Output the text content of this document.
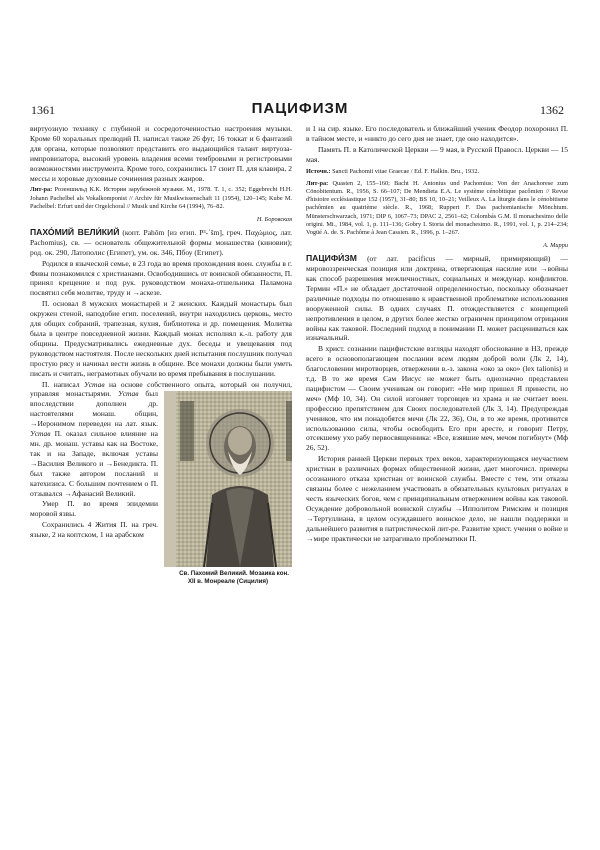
1361	ПАЦИФИЗМ	1362

виртуозную технику с глубиной и сосредоточенностью настроения музыки. Кроме 60 хоральных прелюдий П. написал также 26 фуг, 16 токкат и 6 фантазий для органа, которые позволяют представить его выдающийся талант виртуоза-импровизатора, высокий уровень владения всеми тембровыми и регистровыми возможностями инструмента. Кроме того, сохранились 17 сюит П. для клавира, 2 мессы и хоровые духовные сочинения разных жанров.

Лит-ра: Розеншильд К.К. История зарубежной музыки. М., 1978. Т. 1, с. 352; Eggebrecht H.H. Johann Pachelbel als Vokalkomponist // Archiv für Musikwissenschaft 11 (1954), 120–145; Kube M. Pachelbel: Erfurt und der Orgelchoral // Musik und Kirche 64 (1994), 76–82.

Н. Боровская

ПАХО́МИЙ ВЕЛИ́КИЙ (копт. Pahôm [из егип. P³-ʿšm], греч. Παχώμιος, лат. Pachomius), св. — основатель общежительной формы монашества (киновии); род. ок. 290, Латополис (Египет), ум. ок. 346, Пбоу (Египет).

Родился в языческой семье, в 23 года во время прохождения воен. службы в г. Фивы познакомился с христианами. Освободившись от воинской обязанности, П. принял крещение и под рук. руководством монаха-отшельника Паламона посвятил себя молитве, труду и →аскезе.

П. основал 8 мужских монастырей и 2 женских. Каждый монастырь был окружен стеной, наподобие егип. поселений, внутри находились церковь, место для общих собраний, трапезная, кухня, библиотека и др. помещения. Молитва была в центре повседневной жизни. Каждый монах исполнял к.-л. работу для общины. Предусматривались ежедневные дух. беседы и увещевания под руководством настоятеля. После нескольких дней испытания послушник получал простую рясу и начинал вести жизнь в общине. Все монахи должны были уметь писать и считать, неграмотных обучали во время пребывания в послушании.

П. написал Устав на основе собственного опыта, который он получил, управляя монастырями. Устав
Св. Пахомий Великий. Мозаика кон. XII в. Монреале (Сицилия)
был впоследствии дополнен др. настоятелями монаш. общин, →Иеронимом переведен на лат. язык. Устав П. оказал сильное влияние на мн. др. монаш. уставы как на Востоке, так и на Западе, включая уставы →Василия Великого и →Бенедикта. П. был также автором посланий и катехизиса. С большим почтением о П. отзывался →Афанасий Великий.

Умер П. во время эпидемии моровой язвы.

Сохранились 4 Жития П. на греч. языке, 2 на коптском, 1 на арабском

и 1 на сир. языке. Его последователь и ближайший ученик Феодор похоронил П. в тайном месте, и «никто до сего дня не знает, где оно находится».

Память П. в Католической Церкви — 9 мая, в Русской Правосл. Церкви — 15 мая.

Источн.: Sancti Pachomii vitae Graecae / Ed. F. Halkin. Bru., 1932.

Лит-ра: Quasten 2, 155–160; Bacht H. Antonius und Pachomius: Von der Anachorese zum Cönobitentum. R., 1956, S. 66–107; De Mendieta E.A. Le système cénobitique pacômien // Revue d'histoire ecclésiastique 152 (1957), 31–80; BS 10, 10–21; Veilleux A. La liturgie dans le cénobitisme pachômien au quatrième siècle. R., 1968; Ruppert F. Das pachomianische Mönchtum. Münsterschwarzach, 1971; DIP 6, 1067–73; DPAC 2, 2561–62; Colombás G.M. Il monachesimo delle origini. Mi., 1984, vol. 1, p. 111–136; Gobry I. Storia del monachesimo. R., 1991, vol. 1, p. 214–234; Vogüé A. de. S. Pachôme à Jean Cassien. R., 1996, p. 1–267.

А. Мирри

ПАЦИФИ́ЗМ (от лат. pacificus — мирный, примиряющий) — мировоззренческая позиция или доктрина, отвергающая насилие или →войны как способ разрешения межличностных, социальных и междунар. конфликтов. Термин «П.» не обладает достаточной определенностью, поскольку обозначает различные подходы по отношению к нравственной проблематике использования вооруженной силы. В одних случаях П. отождествляется с концепцией непротивления в целом, в других более жестко ограничен принципом отрицания войны как таковой. Последний подход в понимании П. может расцениваться как изначальный.

В христ. сознании пацифистские взгляды находят обоснование в НЗ, прежде всего в основополагающем послании всем людям доброй воли (Лк 2, 14), благословении миротворцев, отвержении в.-з. закона «око за око» (lex talionis) и т.д. В то же время Сам Иисус не может быть однозначно представлен пацифистом — Своим ученикам он говорит: «Не мир пришел Я принести, но меч» (Мф 10, 34). Он силой изгоняет торговцев из храма и не считает воен. профессию препятствием для Своих последователей (Лк 3, 14). Предупреждая учеников, что им понадобятся мечи (Лк 22, 36), Он, в то же время, противится использованию силы, чтобы освободить Его при аресте, и говорит Петру, отсекшему ухо рабу первосвященника: «Все, взявшие меч, мечом погибнут» (Мф 26, 52).

История ранней Церкви первых трех веков, характеризующаяся неучастием христиан в различных формах общественной жизни, дает многочисл. примеры осознанного отказа христиан от воинской службы. Вместе с тем, эти отказы связаны более с нежеланием участвовать в обязательных культовых ритуалах в честь языческих богов, чем с принципиальным отвержением войны как таковой. Осуждение добровольной воинской службы →Ипполитом Римским и позиция →Тертуллиана, в целом осуждавшего воинское дело, не нашли поддержки и дальнейшего развития в патристической лит-ре. Развитие христ. учения о войне и →мире практически не затрагивало проблематики П.
